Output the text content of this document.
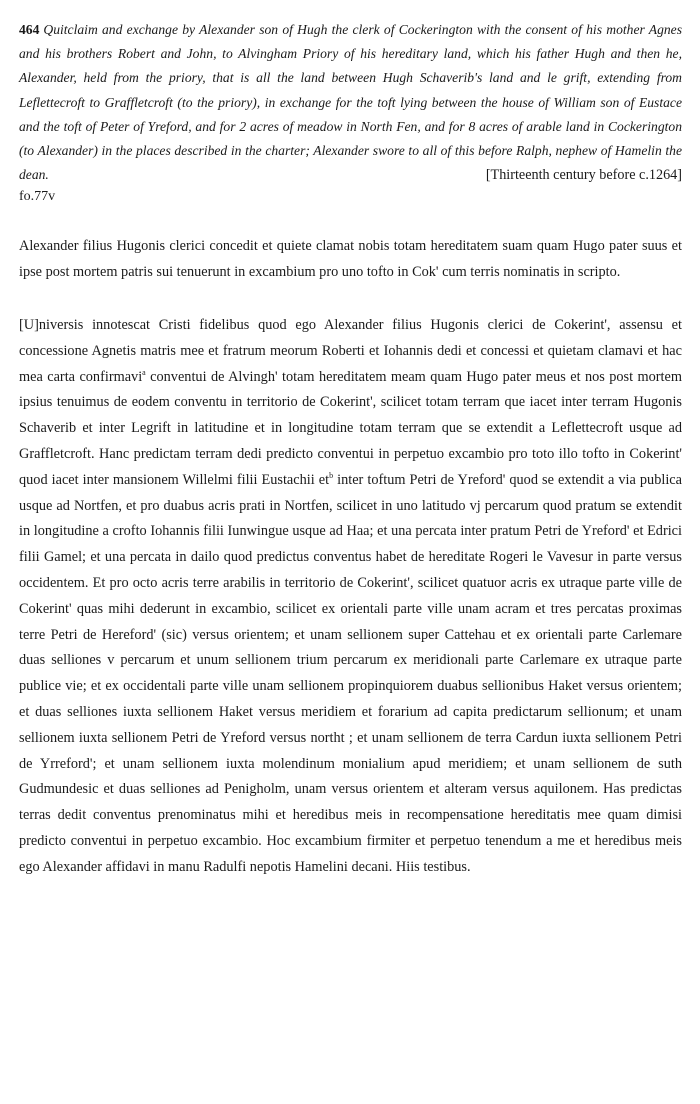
464 Quitclaim and exchange by Alexander son of Hugh the clerk of Cockerington with the consent of his mother Agnes and his brothers Robert and John, to Alvingham Priory of his hereditary land, which his father Hugh and then he, Alexander, held from the priory, that is all the land between Hugh Schaverib's land and le grift, extending from Leflettecroft to Graffletcroft (to the priory), in exchange for the toft lying between the house of William son of Eustace and the toft of Peter of Yreford, and for 2 acres of meadow in North Fen, and for 8 acres of arable land in Cockerington (to Alexander) in the places described in the charter; Alexander swore to all of this before Ralph, nephew of Hamelin the dean.	[Thirteenth century before c.1264]
fo.77v

Alexander filius Hugonis clerici concedit et quiete clamat nobis totam hereditatem suam quam Hugo pater suus et ipse post mortem patris sui tenuerunt in excambium pro uno tofto in Cok' cum terris nominatis in scripto.

[U]niversis innotescat Cristi fidelibus quod ego Alexander filius Hugonis clerici de Cokerint', assensu et concessione Agnetis matris mee et fratrum meorum Roberti et Iohannis dedi et concessi et quietam clamavi et hac mea carta confirmavi$^a$ conventui de Alvingh' totam hereditatem meam quam Hugo pater meus et nos post mortem ipsius tenuimus de eodem conventu in territorio de Cokerint', scilicet totam terram que iacet inter terram Hugonis Schaverib et inter Legrift in latitudine et in longitudine totam terram que se extendit a Leflettecroft usque ad Graffletcroft. Hanc predictam terram dedi predicto conventui in perpetuo excambio pro toto illo tofto in Cokerint' quod iacet inter mansionem Willelmi filii Eustachii $et^b$ inter toftum Petri de Yreford' quod se extendit a via publica usque ad Nortfen, et pro duabus acris prati in Nortfen, scilicet in uno latitudo vj percarum quod pratum se extendit in longitudine a crofto Iohannis filii Iunwingue usque ad Haa; et una percata inter pratum Petri de Yreford' et Edrici filii Gamel; et una percata in dailo quod predictus conventus habet de hereditate Rogeri le Vavesur in parte versus occidentem. Et pro octo acris terre arabilis in territorio de Cokerint', scilicet quatuor acris ex utraque parte ville de Cokerint' quas mihi dederunt in excambio, scilicet ex orientali parte ville unam acram et tres percatas proximas terre Petri de Hereford' (sic) versus orientem; et unam sellionem super Cattehau et ex orientali parte Carlemare duas selliones v percarum et unum sellionem trium percarum ex meridionali parte Carlemare ex utraque parte publice vie; et ex occidentali parte ville unam sellionem propinquiorem duabus sellionibus Haket versus orientem; et duas selliones iuxta sellionem Haket versus meridiem et forarium ad capita predictarum sellionum; et unam sellionem iuxta sellionem Petri de Yreford versus northt ; et unam sellionem de terra Cardun iuxta sellionem Petri de Yrreford'; et unam sellionem iuxta molendinum monialium apud meridiem; et unam sellionem de suth Gudmundesic et duas selliones ad Penigholm, unam versus orientem et alteram versus aquilonem. Has predictas terras dedit conventus prenominatus mihi et heredibus meis in recompensatione hereditatis mee quam dimisi predicto conventui in perpetuo excambio. Hoc excambium firmiter et perpetuo tenendum a me et heredibus meis ego Alexander affidavi in manu Radulfi nepotis Hamelini decani. Hiis testibus.
